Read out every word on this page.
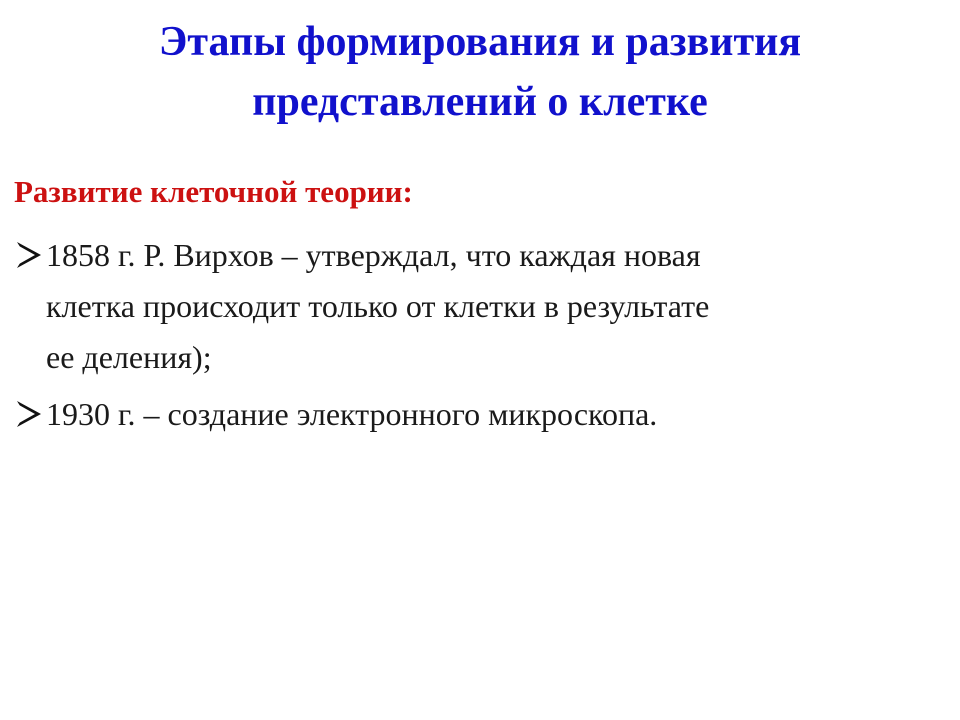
Этапы формирования и развития
представлений о клетке
Развитие клеточной теории:
1858 г. Р. Вирхов – утверждал, что каждая новая
клетка происходит только от клетки в результате
ее деления);
1930 г. – создание электронного микроскопа.
